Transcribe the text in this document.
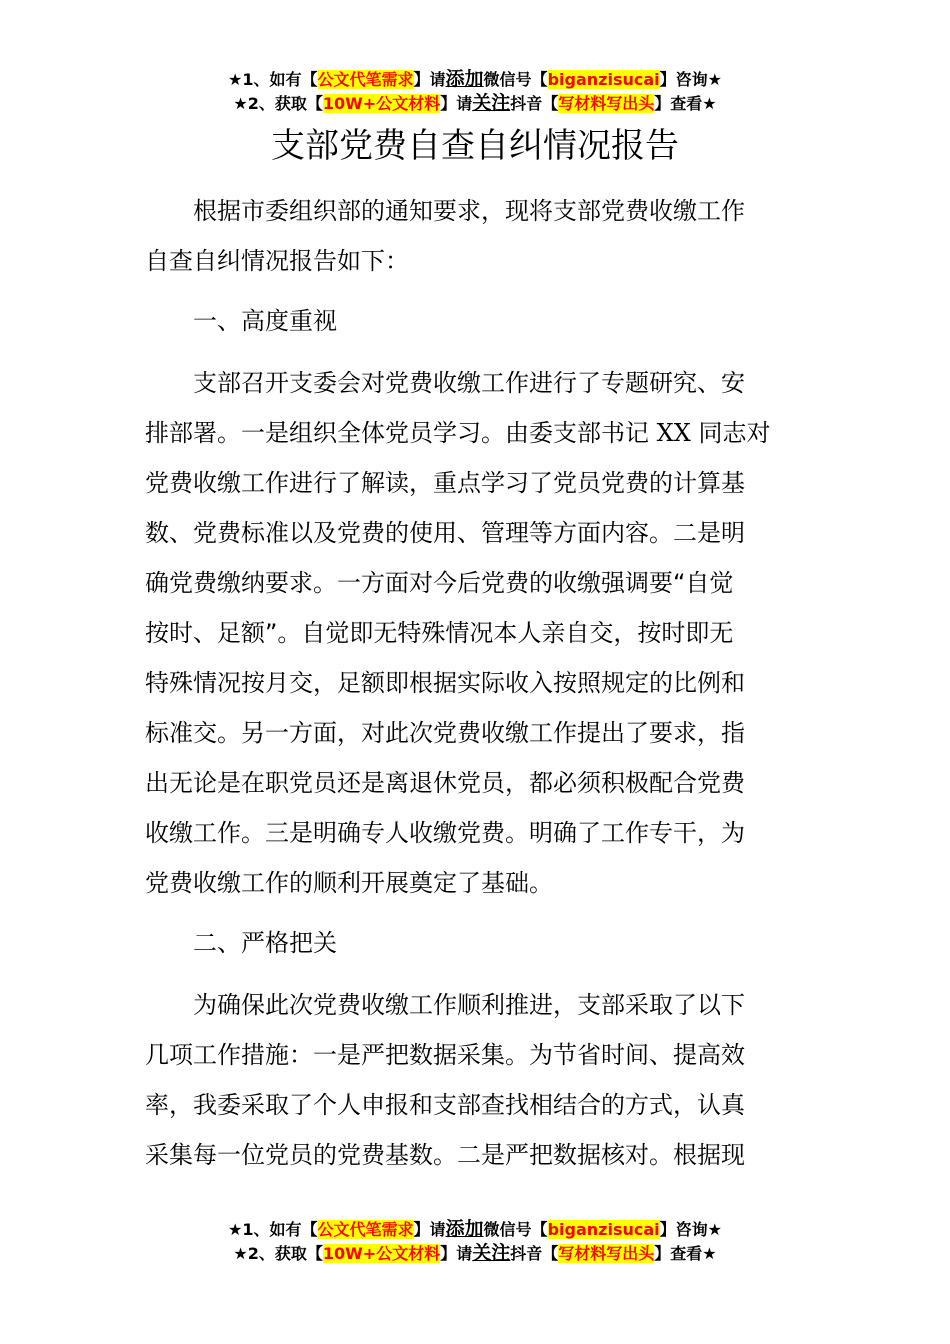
★1、如有【公文代笔需求】请添加微信号【biganzisucai】咨询★
★2、获取【10W+公文材料】请关注抖音【写材料写出头】查看★
支部党费自查自纠情况报告
根据市委组织部的通知要求，现将支部党费收缴工作
自查自纠情况报告如下：
一、高度重视
支部召开支委会对党费收缴工作进行了专题研究、安
排部署。一是组织全体党员学习。由委支部书记 XX 同志对
党费收缴工作进行了解读，重点学习了党员党费的计算基
数、党费标准以及党费的使用、管理等方面内容。二是明
确党费缴纳要求。一方面对今后党费的收缴强调要“自觉
按时、足额”。自觉即无特殊情况本人亲自交，按时即无
特殊情况按月交，足额即根据实际收入按照规定的比例和
标准交。另一方面，对此次党费收缴工作提出了要求，指
出无论是在职党员还是离退休党员，都必须积极配合党费
收缴工作。三是明确专人收缴党费。明确了工作专干，为
党费收缴工作的顺利开展奠定了基础。
二、严格把关
为确保此次党费收缴工作顺利推进，支部采取了以下
几项工作措施：一是严把数据采集。为节省时间、提高效
率，我委采取了个人申报和支部查找相结合的方式，认真
采集每一位党员的党费基数。二是严把数据核对。根据现
★1、如有【公文代笔需求】请添加微信号【biganzisucai】咨询★
★2、获取【10W+公文材料】请关注抖音【写材料写出头】查看★
